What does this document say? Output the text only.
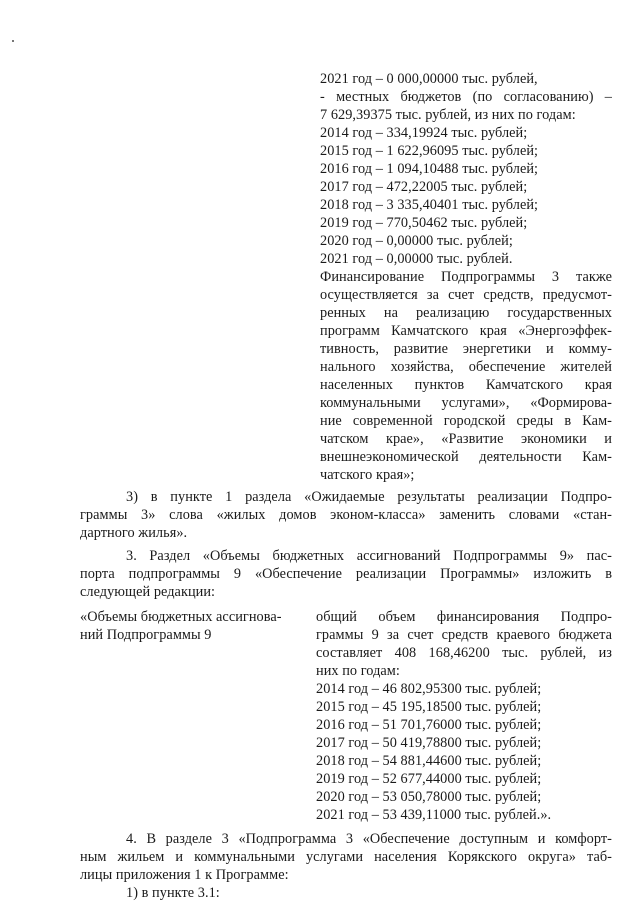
2021 год – 0 000,00000 тыс. рублей,
- местных бюджетов (по согласованию) –
7 629,39375 тыс. рублей, из них по годам:
2014 год – 334,19924 тыс. рублей;
2015 год – 1 622,96095 тыс. рублей;
2016 год – 1 094,10488 тыс. рублей;
2017 год – 472,22005 тыс. рублей;
2018 год – 3 335,40401 тыс. рублей;
2019 год – 770,50462 тыс. рублей;
2020 год – 0,00000 тыс. рублей;
2021 год – 0,00000 тыс. рублей.
Финансирование Подпрограммы 3 также
осуществляется за счет средств, предусмот-
ренных на реализацию государственных
программ Камчатского края «Энергоэффек-
тивность, развитие энергетики и комму-
нального хозяйства, обеспечение жителей
населенных пунктов Камчатского края
коммунальными услугами», «Формирова-
ние современной городской среды в Кам-
чатском крае», «Развитие экономики и
внешнеэкономической деятельности Кам-
чатского края»;
3) в пункте 1 раздела «Ожидаемые результаты реализации Подпро-
граммы 3» слова «жилых домов эконом-класса» заменить словами «стан-
дартного жилья».
3. Раздел «Объемы бюджетных ассигнований Подпрограммы 9» пас-
порта подпрограммы 9 «Обеспечение реализации Программы» изложить в
следующей редакции:
«Объемы бюджетных ассигнова-
ний Подпрограммы 9
общий объем финансирования Подпро-
граммы 9 за счет средств краевого бюджета
составляет 408 168,46200 тыс. рублей, из
них по годам:
2014 год – 46 802,95300 тыс. рублей;
2015 год – 45 195,18500 тыс. рублей;
2016 год – 51 701,76000 тыс. рублей;
2017 год – 50 419,78800 тыс. рублей;
2018 год – 54 881,44600 тыс. рублей;
2019 год – 52 677,44000 тыс. рублей;
2020 год – 53 050,78000 тыс. рублей;
2021 год – 53 439,11000 тыс. рублей.».
4. В разделе 3 «Подпрограмма 3 «Обеспечение доступным и комфорт-
ным жильем и коммунальными услугами населения Корякского округа» таб-
лицы приложения 1 к Программе:
1) в пункте 3.1:
